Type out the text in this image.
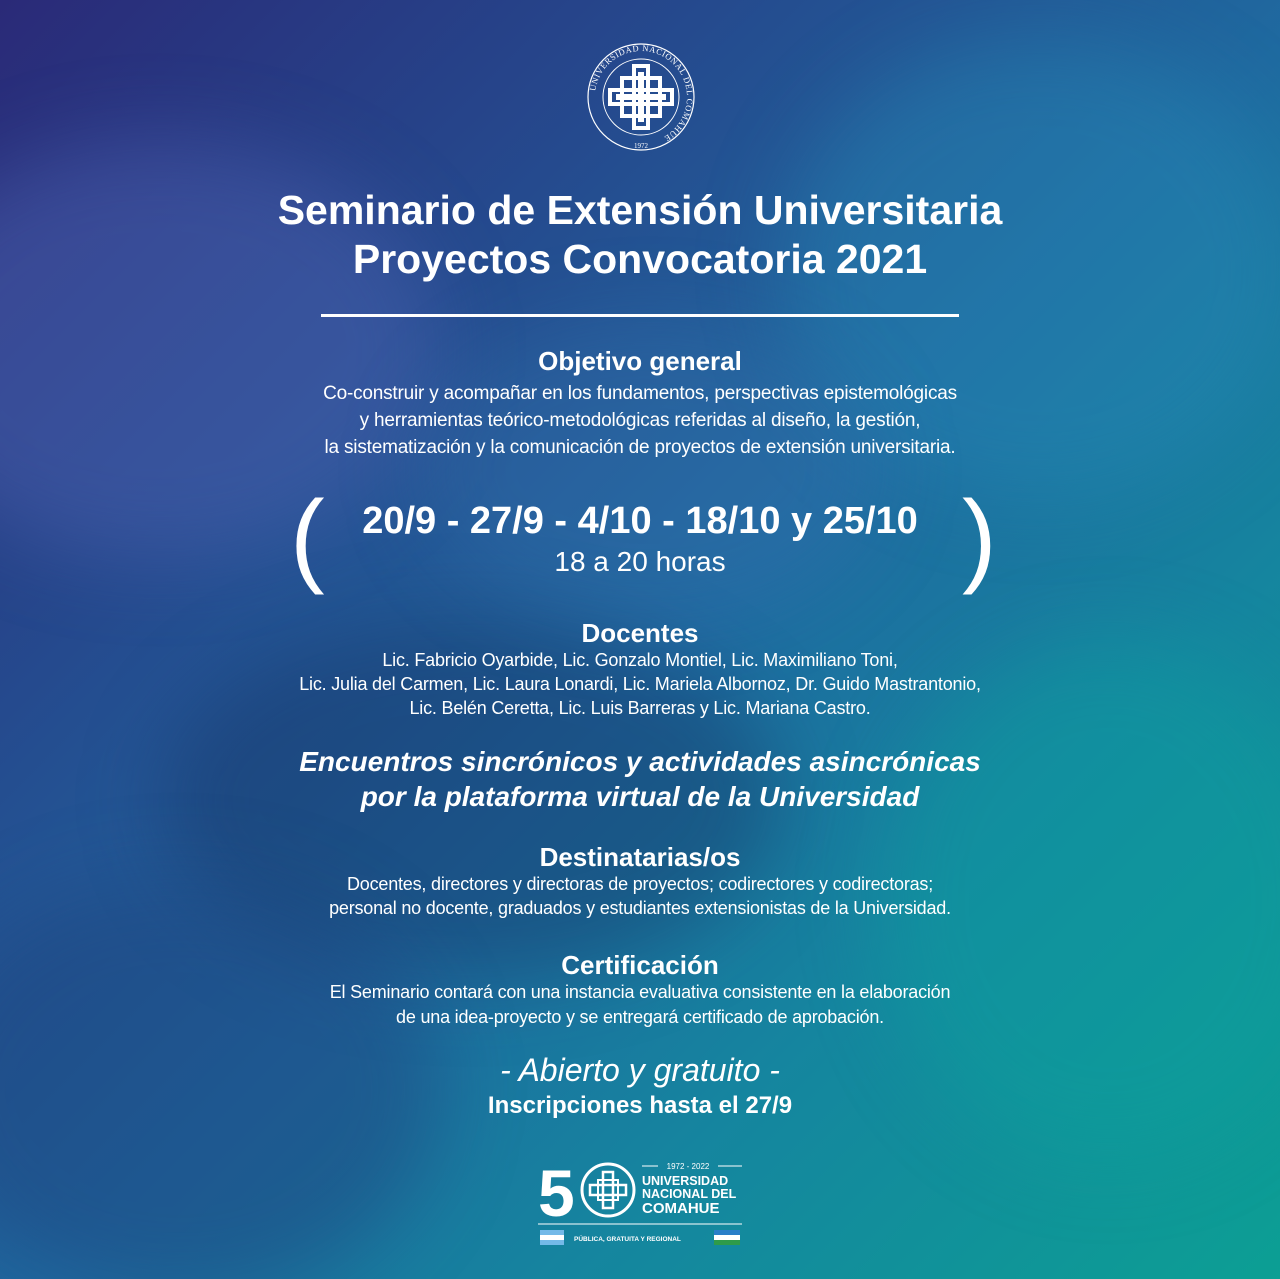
UNIVERSIDAD NACIONAL DEL COMAHUE
1972
Seminario de Extensión Universitaria
Proyectos Convocatoria 2021
Objetivo general
Co-construir y acompañar en los fundamentos, perspectivas epistemológicas
y herramientas teórico-metodológicas referidas al diseño, la gestión,
la sistematización y la comunicación de proyectos de extensión universitaria.
(	)
20/9 - 27/9 - 4/10 - 18/10 y 25/10
18 a 20 horas
Docentes
Lic. Fabricio Oyarbide, Lic. Gonzalo Montiel, Lic. Maximiliano Toni,
Lic. Julia del Carmen, Lic. Laura Lonardi, Lic. Mariela Albornoz, Dr. Guido Mastrantonio,
Lic. Belén Ceretta, Lic. Luis Barreras y Lic. Mariana Castro.
Encuentros sincrónicos y actividades asincrónicas
por la plataforma virtual de la Universidad
Destinatarias/os
Docentes, directores y directoras de proyectos; codirectores y codirectoras;
personal no docente, graduados y estudiantes extensionistas de la Universidad.
Certificación
El Seminario contará con una instancia evaluativa consistente en la elaboración
de una idea-proyecto y se entregará certificado de aprobación.
- Abierto y gratuito -
Inscripciones hasta el 27/9
5	1972 - 2022
UNIVERSIDAD
NACIONAL DEL
COMAHUE
PÚBLICA, GRATUITA Y REGIONAL
